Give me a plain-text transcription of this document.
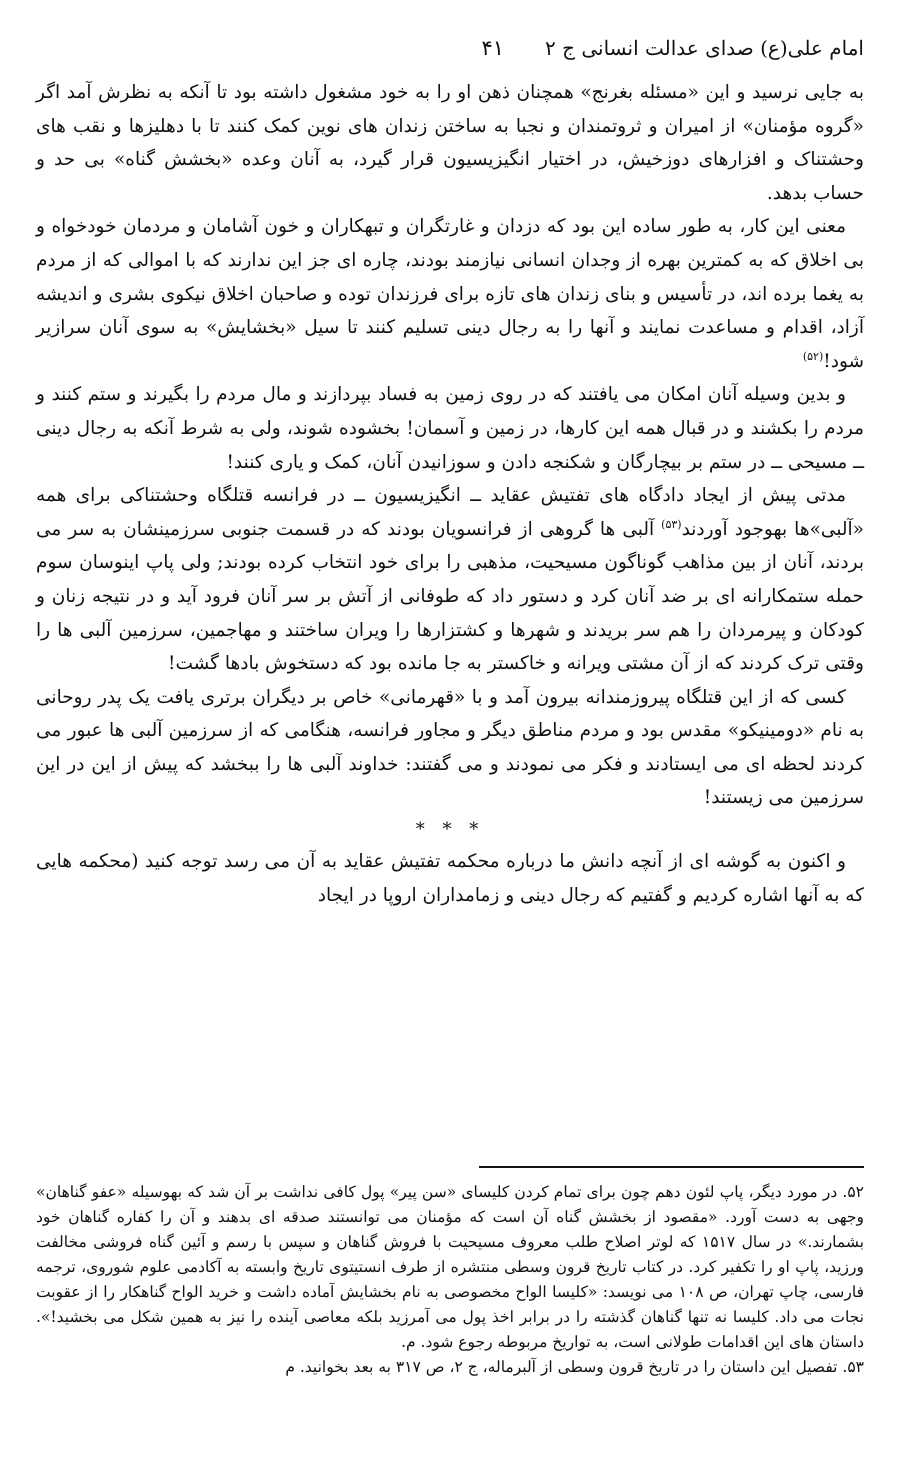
امام علی(ع) صدای عدالت انسانی ج ۲
۴۱

به جایی نرسید و این «مسئله بغرنج» همچنان ذهن او را به خود مشغول داشته بود تا آنکه به نظرش آمد اگر «گروه مؤمنان» از امیران و ثروتمندان و نجبا به ساختن زندان های نوین کمک کنند تا با دهلیزها و نقب های وحشتناک و افزارهای دوزخیش، در اختیار انگیزیسیون قرار گیرد، به آنان وعده «بخشش گناه» بی حد و حساب بدهد.

معنی این کار، به طور ساده این بود که دزدان و غارتگران و تبهکاران و خون آشامان و مردمان خودخواه و بی اخلاق که به کمترین بهره از وجدان انسانی نیازمند بودند، چاره ای جز این ندارند که با اموالی که از مردم به یغما برده اند، در تأسیس و بنای زندان های تازه برای فرزندان توده و صاحبان اخلاق نیکوی بشری و اندیشه آزاد، اقدام و مساعدت نمایند و آنها را به رجال دینی تسلیم کنند تا سیل «بخشایش» به سوی آنان سرازیر شود!$^{(۵۲)}$

و بدین وسیله آنان امکان می یافتند که در روی زمین به فساد بپردازند و مال مردم را بگیرند و ستم کنند و مردم را بکشند و در قبال همه این کارها، در زمین و آسمان! بخشوده شوند، ولی به شرط آنکه به رجال دینی ــ مسیحی ــ در ستم بر بیچارگان و شکنجه دادن و سوزانیدن آنان، کمک و یاری کنند!

مدتی پیش از ایجاد دادگاه های تفتیش عقاید ــ انگیزیسیون ــ در فرانسه قتلگاه وحشتناکی برای همه «آلبی»ها بهوجود آوردند$^{(۵۳)}$ آلبی ها گروهی از فرانسویان بودند که در قسمت جنوبی سرزمینشان به سر می بردند، آنان از بین مذاهب گوناگون مسیحیت، مذهبی را برای خود انتخاب کرده بودند; ولی پاپ اینوسان سوم حمله ستمکارانه ای بر ضد آنان کرد و دستور داد که طوفانی از آتش بر سر آنان فرود آید و در نتیجه زنان و کودکان و پیرمردان را هم سر بریدند و شهرها و کشتزارها را ویران ساختند و مهاجمین، سرزمین آلبی ها را وقتی ترک کردند که از آن مشتی ویرانه و خاکستر به جا مانده بود که دستخوش بادها گشت!

کسی که از این قتلگاه پیروزمندانه بیرون آمد و با «قهرمانی» خاص بر دیگران برتری یافت یک پدر روحانی به نام «دومینیکو» مقدس بود و مردم مناطق دیگر و مجاور فرانسه، هنگامی که از سرزمین آلبی ها عبور می کردند لحظه ای می ایستادند و فکر می نمودند و می گفتند: خداوند آلبی ها را ببخشد که پیش از این در این سرزمین می زیستند!

* * *

و اکنون به گوشه ای از آنچه دانش ما درباره محکمه تفتیش عقاید به آن می رسد توجه کنید (محکمه هایی که به آنها اشاره کردیم و گفتیم که رجال دینی و زمامداران اروپا در ایجاد

۵۲. در مورد دیگر، پاپ لئون دهم چون برای تمام کردن کلیسای «سن پیر» پول کافی نداشت بر آن شد که بهوسیله «عفو گناهان» وجهی به دست آورد. «مقصود از بخشش گناه آن است که مؤمنان می توانستند صدقه ای بدهند و آن را کفاره گناهان خود بشمارند.» در سال ۱۵۱۷ که لوتر اصلاح طلب معروف مسیحیت با فروش گناهان و سپس با رسم و آئین گناه فروشی مخالفت ورزید، پاپ او را تکفیر کرد. در کتاب تاریخ قرون وسطی منتشره از طرف انستیتوی تاریخ وابسته به آکادمی علوم شوروی، ترجمه فارسی، چاپ تهران، ص ۱۰۸ می نویسد: «کلیسا الواح مخصوصی به نام بخشایش آماده داشت و خرید الواح گناهکار را از عقوبت نجات می داد. کلیسا نه تنها گناهان گذشته را در برابر اخذ پول می آمرزید بلکه معاصی آینده را نیز به همین شکل می بخشید!». داستان های این اقدامات طولانی است، به تواریخ مربوطه رجوع شود. م.

۵۳. تفصیل این داستان را در تاریخ قرون وسطی از آلبرماله، ج ۲، ص ۳۱۷ به بعد بخوانید. م
